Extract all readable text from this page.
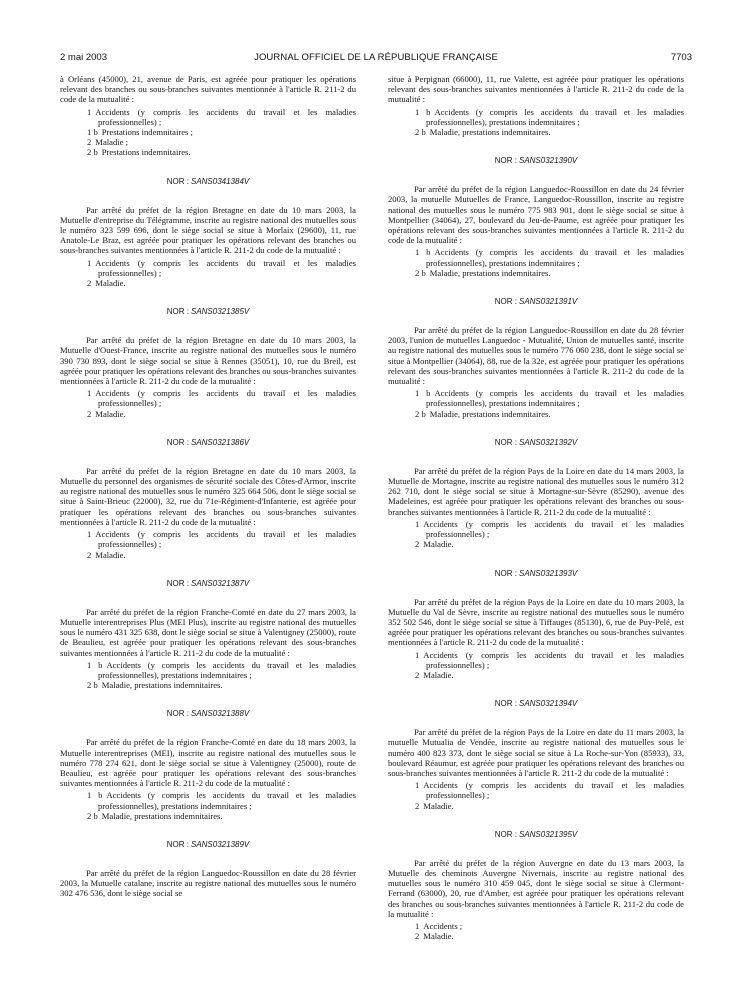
2 mai 2003	JOURNAL OFFICIEL DE LA RÉPUBLIQUE FRANÇAISE	7703
à Orléans (45000), 21, avenue de Paris, est agréée pour pratiquer les opérations relevant des branches ou sous-branches suivantes mentionnée à l'article R. 211-2 du code de la mutualité :
1 Accidents (y compris les accidents du travail et les maladies professionnelles) ;
1 b Prestations indemnitaires ;
2 Maladie ;
2 b Prestations indemnitaires.
NOR : SANS0341384V
Par arrêté du préfet de la région Bretagne en date du 10 mars 2003, la Mutuelle d'entreprise du Télégramme, inscrite au registre national des mutuelles sous le numéro 323 599 696, dont le siège social se situe à Morlaix (29600), 11, rue Anatole-Le Braz, est agréée pour pratiquer les opérations relevant des branches ou sous-branches suivantes mentionnées à l'article R. 211-2 du code de la mutualité :
1 Accidents (y compris les accidents du travail et les maladies professionnelles) ;
2 Maladie.
NOR : SANS0321385V
Par arrêté du préfet de la région Bretagne en date du 10 mars 2003, la Mutuelle d'Ouest-France, inscrite au registre national des mutuelles sous le numéro 390 730 893, dont le siège social se situe à Rennes (35051), 10, rue du Breil, est agréée pour pratiquer les opérations relevant des branches ou sous-branches suivantes mentionnées à l'article R. 211-2 du code de la mutualité :
1 Accidents (y compris les accidents du travail et les maladies professionnelles) ;
2 Maladie.
NOR : SANS0321386V
Par arrêté du préfet de la région Bretagne en date du 10 mars 2003, la Mutuelle du personnel des organismes de sécurité sociale des Côtes-d'Armor, inscrite au registre national des mutuelles sous le numéro 325 664 506, dont le siège social se situe à Saint-Brieuc (22000), 32, rue du 71e-Régiment-d'Infanterie, est agréée pour pratiquer les opérations relevant des branches ou sous-branches suivantes mentionnées à l'article R. 211-2 du code de la mutualité :
1 Accidents (y compris les accidents du travail et les maladies professionnelles) ;
2 Maladie.
NOR : SANS0321387V
Par arrêté du préfet de la région Franche-Comté en date du 27 mars 2003, la Mutuelle interentreprises Plus (MEI Plus), inscrite au registre national des mutuelles sous le numéro 431 325 638, dont le siège social se situe à Valentigney (25000), route de Beaulieu, est agréée pour pratiquer les opérations relevant des sous-branches suivantes mentionnées à l'article R. 211-2 du code de la mutualité :
1 b Accidents (y compris les accidents du travail et les maladies professionnelles), prestations indemnitaires ;
2 b Maladie, prestations indemnitaires.
NOR : SANS0321388V
Par arrêté du préfet de la région Franche-Comté en date du 18 mars 2003, la Mutuelle interentreprises (MEI), inscrite au registre national des mutuelles sous le numéro 778 274 621, dont le siège social se situe à Valentigney (25000), route de Beaulieu, est agréée pour pratiquer les opérations relevant des sous-branches suivantes mentionnées à l'article R. 211-2 du code de la mutualité :
1 b Accidents (y compris les accidents du travail et les maladies professionnelles), prestations indemnitaires ;
2 b Maladie, prestations indemnitaires.
NOR : SANS0321389V
Par arrêté du préfet de la région Languedoc-Roussillon en date du 28 février 2003, la Mutuelle catalane, inscrite au registre national des mutuelles sous le numéro 302 476 536, dont le siège social se
situe à Perpignan (66000), 11, rue Valette, est agréée pour pratiquer les opérations relevant des sous-branches suivantes mentionnées à l'article R. 211-2 du code de la mutualité :
1 b Accidents (y compris les accidents du travail et les maladies professionnelles), prestations indemnitaires ;
2 b Maladie, prestations indemnitaires.
NOR : SANS0321390V
Par arrêté du préfet de la région Languedoc-Roussillon en date du 24 février 2003, la mutuelle Mutuelles de France, Languedoc-Roussillon, inscrite au registre national des mutuelles sous le numéro 775 983 901, dont le siège social se situe à Montpellier (34064), 27, boulevard du Jeu-de-Paume, est agréée pour pratiquer les opérations relevant des sous-branches suivantes mentionnées à l'article R. 211-2 du code de la mutualité :
1 b Accidents (y compris les accidents du travail et les maladies professionnelles), prestations indemnitaires ;
2 b Maladie, prestations indemnitaires.
NOR : SANS0321391V
Par arrêté du préfet de la région Languedoc-Roussillon en date du 28 février 2003, l'union de mutuelles Languedoc - Mutualité, Union de mutuelles santé, inscrite au registre national des mutuelles sous le numéro 776 060 238, dont le siège social se situe à Montpellier (34064), 88, rue de la 32e, est agréée pour pratiquer les opérations relevant des sous-branches suivantes mentionnées à l'article R. 211-2 du code de la mutualité :
1 b Accidents (y compris les accidents du travail et les maladies professionnelles), prestations indemnitaires ;
2 b Maladie, prestations indemnitaires.
NOR : SANS0321392V
Par arrêté du préfet de la région Pays de la Loire en date du 14 mars 2003, la Mutuelle de Mortagne, inscrite au registre national des mutuelles sous le numéro 312 262 710, dont le siège social se situe à Mortagne-sur-Sèvre (85290), avenue des Madeleines, est agréée pour pratiquer les opérations relevant des branches ou sous-branches suivantes mentionnées à l'article R. 211-2 du code de la mutualité :
1 Accidents (y compris les accidents du travail et les maladies professionnelles) ;
2 Maladie.
NOR : SANS0321393V
Par arrêté du préfet de la région Pays de la Loire en date du 10 mars 2003, la Mutuelle du Val de Sèvre, inscrite au registre national des mutuelles sous le numéro 352 502 546, dont le siège social se situe à Tiffauges (85130), 6, rue de Puy-Pelé, est agréée pour pratiquer les opérations relevant des branches ou sous-branches suivantes mentionnées à l'article R. 211-2 du code de la mutualité :
1 Accidents (y compris les accidents du travail et les maladies professionnelles) ;
2 Maladie.
NOR : SANS0321394V
Par arrêté du préfet de la région Pays de la Loire en date du 11 mars 2003, la mutuelle Mutualia de Vendée, inscrite au registre national des mutuelles sous le numéro 400 823 373, dont le siège social se situe à La Roche-sur-Yon (85933), 33, boulevard Réaumur, est agréée pour pratiquer les opérations relevant des branches ou sous-branches suivantes mentionnées à l'article R. 211-2 du code de la mutualité :
1 Accidents (y compris les accidents du travail et les maladies professionnelles) ;
2 Maladie.
NOR : SANS0321395V
Par arrêté du préfet de la région Auvergne en date du 13 mars 2003, la Mutuelle des cheminots Auvergne Nivernais, inscrite au registre national des mutuelles sous le numéro 310 459 045, dont le siège social se situe à Clermont-Ferrand (63000), 20, rue d'Amber, est agréée pour pratiquer les opérations relevant des branches ou sous-branches suivantes mentionnées à l'article R. 211-2 du code de la mutualité :
1 Accidents ;
2 Maladie.
